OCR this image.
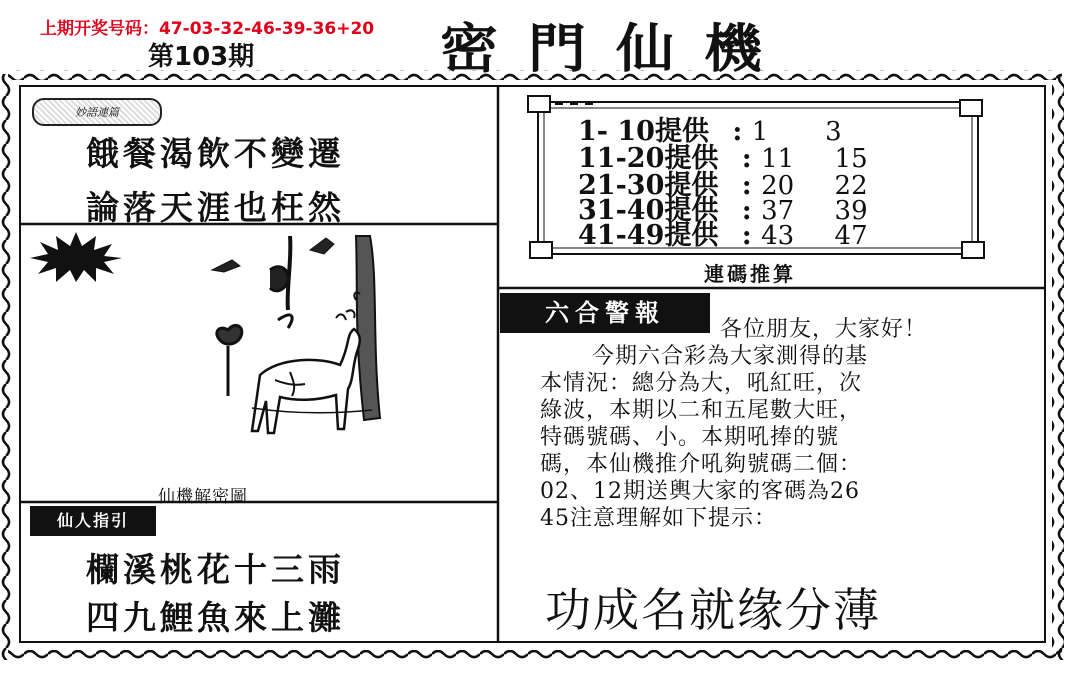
上期开奖号码：47-03-32-46-39-36+20
第103期	密門仙機
妙語連篇
餓餐渴飲不變遷
論落天涯也枉然
仙機解密圖
仙人指引
欄溪桃花十三雨
四九鯉魚來上灘
1- 10提供 : 1 3
11-20提供 : 11 15
21-30提供 : 20 22
31-40提供 : 37 39
41-49提供 : 43 47
連碼推算
六合警報
各位朋友，大家好！
今期六合彩為大家測得的基
本情況：總分為大，吼紅旺，次
綠波，本期以二和五尾數大旺，
特碼號碼、小。本期吼捧的號
碼，本仙機推介吼夠號碼二個：
02、12期送輿大家的客碼為26
45注意理解如下提示：
功成名就缘分薄
